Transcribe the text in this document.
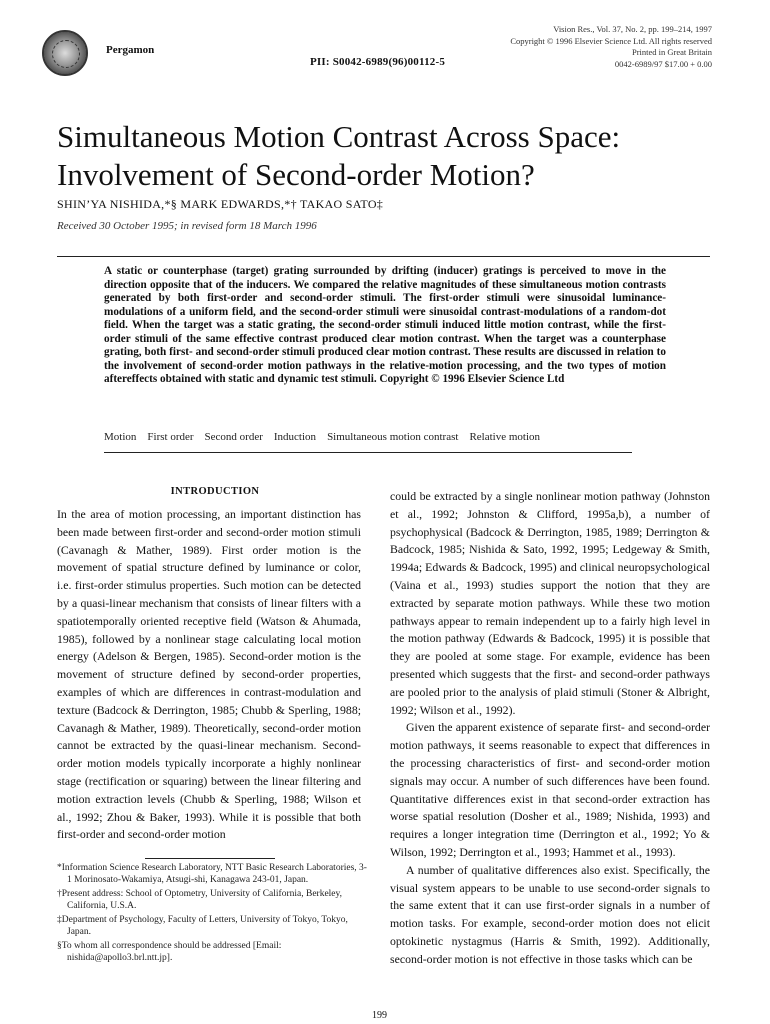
Pergamon
PII: S0042-6989(96)00112-5
Vision Res., Vol. 37, No. 2, pp. 199–214, 1997
Copyright © 1996 Elsevier Science Ltd. All rights reserved
Printed in Great Britain
0042-6989/97 $17.00 + 0.00
Simultaneous Motion Contrast Across Space:
Involvement of Second-order Motion?
SHIN’YA NISHIDA,*§ MARK EDWARDS,*† TAKAO SATO‡
Received 30 October 1995; in revised form 18 March 1996
A static or counterphase (target) grating surrounded by drifting (inducer) gratings is perceived to move in the direction opposite that of the inducers. We compared the relative magnitudes of these simultaneous motion contrasts generated by both first-order and second-order stimuli. The first-order stimuli were sinusoidal luminance-modulations of a uniform field, and the second-order stimuli were sinusoidal contrast-modulations of a random-dot field. When the target was a static grating, the second-order stimuli induced little motion contrast, while the first-order stimuli of the same effective contrast produced clear motion contrast. When the target was a counterphase grating, both first- and second-order stimuli produced clear motion contrast. These results are discussed in relation to the involvement of second-order motion pathways in the relative-motion processing, and the two types of motion aftereffects obtained with static and dynamic test stimuli. Copyright © 1996 Elsevier Science Ltd
Motion First order Second order Induction Simultaneous motion contrast Relative motion
INTRODUCTION

In the area of motion processing, an important distinction has been made between first-order and second-order motion stimuli (Cavanagh & Mather, 1989). First order motion is the movement of spatial structure defined by luminance or color, i.e. first-order stimulus properties. Such motion can be detected by a quasi-linear mechanism that consists of linear filters with a spatiotemporally oriented receptive field (Watson & Ahumada, 1985), followed by a nonlinear stage calculating local motion energy (Adelson & Bergen, 1985). Second-order motion is the movement of structure defined by second-order properties, examples of which are differences in contrast-modulation and texture (Badcock & Derrington, 1985; Chubb & Sperling, 1988; Cavanagh & Mather, 1989). Theoretically, second-order motion cannot be extracted by the quasi-linear mechanism. Second-order motion models typically incorporate a highly nonlinear stage (rectification or squaring) between the linear filtering and motion extraction levels (Chubb & Sperling, 1988; Wilson et al., 1992; Zhou & Baker, 1993). While it is possible that both first-order and second-order motion

could be extracted by a single nonlinear motion pathway (Johnston et al., 1992; Johnston & Clifford, 1995a,b), a number of psychophysical (Badcock & Derrington, 1985, 1989; Derrington & Badcock, 1985; Nishida & Sato, 1992, 1995; Ledgeway & Smith, 1994a; Edwards & Badcock, 1995) and clinical neuropsychological (Vaina et al., 1993) studies support the notion that they are extracted by separate motion pathways. While these two motion pathways appear to remain independent up to a fairly high level in the motion pathway (Edwards & Badcock, 1995) it is possible that they are pooled at some stage. For example, evidence has been presented which suggests that the first- and second-order pathways are pooled prior to the analysis of plaid stimuli (Stoner & Albright, 1992; Wilson et al., 1992).

Given the apparent existence of separate first- and second-order motion pathways, it seems reasonable to expect that differences in the processing characteristics of first- and second-order motion signals may occur. A number of such differences have been found. Quantitative differences exist in that second-order extraction has worse spatial resolution (Dosher et al., 1989; Nishida, 1993) and requires a longer integration time (Derrington et al., 1992; Yo & Wilson, 1992; Derrington et al., 1993; Hammet et al., 1993).

A number of qualitative differences also exist. Specifically, the visual system appears to be unable to use second-order signals to the same extent that it can use first-order signals in a number of motion tasks. For example, second-order motion does not elicit optokinetic nystagmus (Harris & Smith, 1992). Additionally, second-order motion is not effective in those tasks which can be

*Information Science Research Laboratory, NTT Basic Research Laboratories, 3-1 Morinosato-Wakamiya, Atsugi-shi, Kanagawa 243-01, Japan.
†Present address: School of Optometry, University of California, Berkeley, California, U.S.A.
‡Department of Psychology, Faculty of Letters, University of Tokyo, Tokyo, Japan.
§To whom all correspondence should be addressed [Email: nishida@apollo3.brl.ntt.jp].
199
